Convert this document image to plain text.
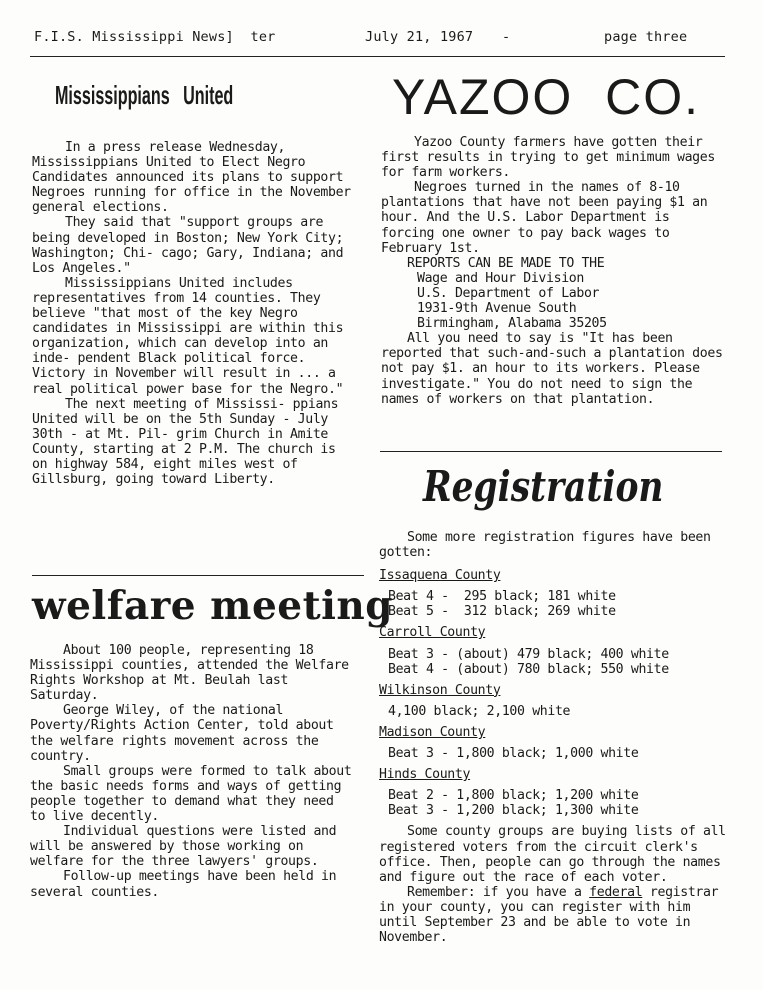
F.I.S. Mississippi News]  ter	July 21, 1967 -	page three
Mississippians   United

In a press release Wednesday, Mississippians United to Elect Negro Candidates announced its plans to support Negroes running for office in the November general elections.

They said that "support groups are being developed in Boston; New York City; Washington; Chi- cago; Gary, Indiana; and Los Angeles."

Mississippians United includes representatives from 14 counties. They believe "that most of the key Negro candidates in Mississippi are within this organization, which can develop into an inde- pendent Black political force. Victory in November will result in ... a real political power base for the Negro."

The next meeting of Mississi- ppians United will be on the 5th Sunday - July 30th - at Mt. Pil- grim Church in Amite County, starting at 2 P.M. The church is on highway 584, eight miles west of Gillsburg, going toward Liberty.

welfare meeting

About 100 people, representing 18 Mississippi counties, attended the Welfare Rights Workshop at Mt. Beulah last Saturday.

George Wiley, of the national Poverty/Rights Action Center, told about the welfare rights movement across the country.

Small groups were formed to talk about the basic needs forms and ways of getting people together to demand what they need to live decently.

Individual questions were listed and will be answered by those working on welfare for the three lawyers' groups.

Follow-up meetings have been held in several counties.

YAZOO  CO.

Yazoo County farmers have gotten their first results in trying to get minimum wages for farm workers.

Negroes turned in the names of 8-10 plantations that have not been paying $1 an hour. And the U.S. Labor Department is forcing one owner to pay back wages to February 1st.

REPORTS CAN BE MADE TO THE
Wage and Hour Division
U.S. Department of Labor
1931-9th Avenue South
Birmingham, Alabama 35205

All you need to say is "It has been reported that such-and-such a plantation does not pay $1. an hour to its workers. Please investigate." You do not need to sign the names of workers on that plantation.

Registration

Some more registration figures have been gotten:

Issaquena County
Beat 4 -  295 black; 181 white
Beat 5 -  312 black; 269 white
Carroll County
Beat 3 - (about) 479 black; 400 white
Beat 4 - (about) 780 black; 550 white
Wilkinson County
4,100 black; 2,100 white
Madison County
Beat 3 - 1,800 black; 1,000 white
Hinds County
Beat 2 - 1,800 black; 1,200 white
Beat 3 - 1,200 black; 1,300 white

Some county groups are buying lists of all registered voters from the circuit clerk's office. Then, people can go through the names and figure out the race of each voter.

Remember: if you have a federal registrar in your county, you can register with him until September 23 and be able to vote in November.
